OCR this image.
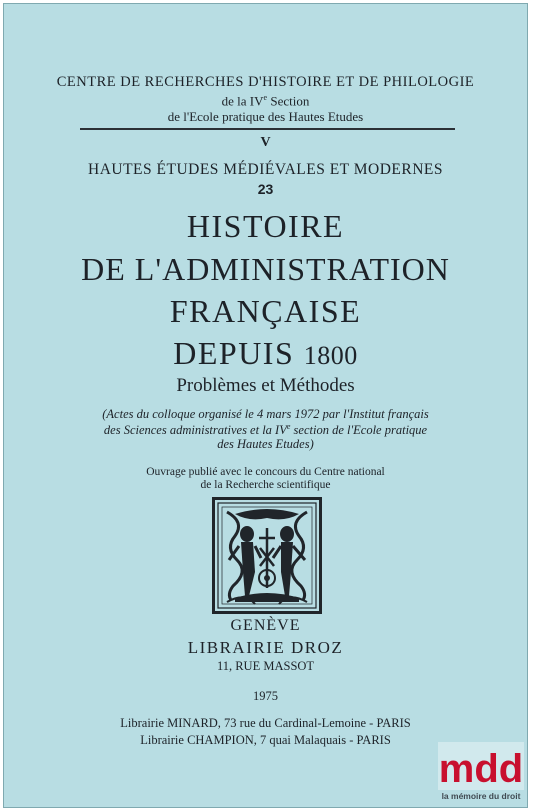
CENTRE DE RECHERCHES D'HISTOIRE ET DE PHILOLOGIE
de la IVe Section
de l'Ecole pratique des Hautes Etudes
V
HAUTES ÉTUDES MÉDIÉVALES ET MODERNES
23
HISTOIRE
DE L'ADMINISTRATION
FRANÇAISE
DEPUIS 1800
Problèmes et Méthodes
(Actes du colloque organisé le 4 mars 1972 par l'Institut français
des Sciences administratives et la IVe section de l'Ecole pratique
des Hautes Etudes)
Ouvrage publié avec le concours du Centre national
de la Recherche scientifique
GENÈVE
LIBRAIRIE DROZ
11, RUE MASSOT
1975
Librairie MINARD, 73 rue du Cardinal-Lemoine - PARIS
Librairie CHAMPION, 7 quai Malaquais - PARIS
mdd
la mémoire du droit
